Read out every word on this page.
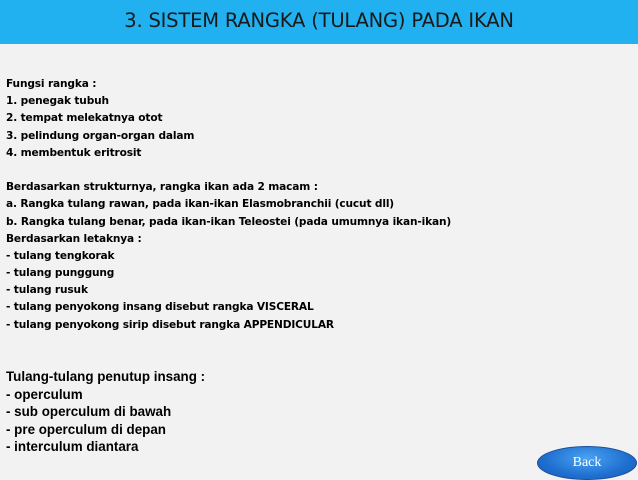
3. SISTEM RANGKA (TULANG) PADA IKAN
Fungsi rangka :
1. penegak tubuh
2. tempat melekatnya otot
3. pelindung organ-organ dalam
4. membentuk eritrosit
Berdasarkan strukturnya, rangka ikan ada 2 macam :
a. Rangka tulang rawan, pada ikan-ikan Elasmobranchii (cucut dll)
b. Rangka tulang benar, pada ikan-ikan Teleostei (pada umumnya ikan-ikan)
Berdasarkan letaknya :
- tulang tengkorak
- tulang punggung
- tulang rusuk
- tulang penyokong insang disebut rangka VISCERAL
- tulang penyokong sirip disebut rangka APPENDICULAR
Tulang-tulang penutup insang :
- operculum
- sub operculum di bawah
- pre operculum di depan
- interculum diantara
Back
